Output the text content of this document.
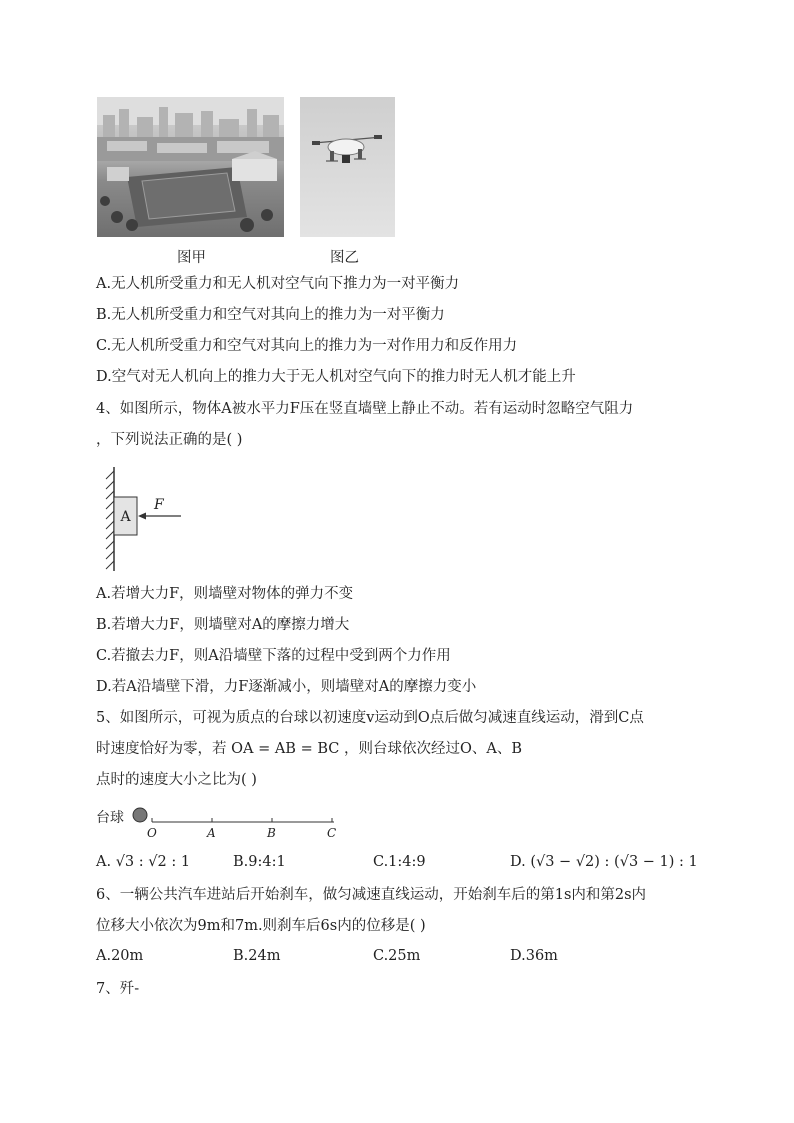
图甲	图乙
A.无人机所受重力和无人机对空气向下推力为一对平衡力
B.无人机所受重力和空气对其向上的推力为一对平衡力
C.无人机所受重力和空气对其向上的推力为一对作用力和反作用力
D.空气对无人机向上的推力大于无人机对空气向下的推力时无人机才能上升
4、如图所示，物体A被水平力F压在竖直墙壁上静止不动。若有运动时忽略空气阻力
，下列说法正确的是( )
A
F
A.若增大力F，则墙壁对物体的弹力不变
B.若增大力F，则墙壁对A的摩擦力增大
C.若撤去力F，则A沿墙壁下落的过程中受到两个力作用
D.若A沿墙壁下滑，力F逐渐减小，则墙壁对A的摩擦力变小
5、如图所示，可视为质点的台球以初速度v运动到O点后做匀减速直线运动，滑到C点
时速度恰好为零，若 OA = AB = BC ，则台球依次经过O、A、B
点时的速度大小之比为( )
台球
O	A	B	C
A. √3 : √2 : 1	B.9:4:1	C.1:4:9	D. (√3 − √2) : (√3 − 1) : 1
6、一辆公共汽车进站后开始刹车，做匀减速直线运动，开始刹车后的第1s内和第2s内
位移大小依次为9m和7m.则刹车后6s内的位移是( )
A.20m	B.24m	C.25m	D.36m
7、歼-
